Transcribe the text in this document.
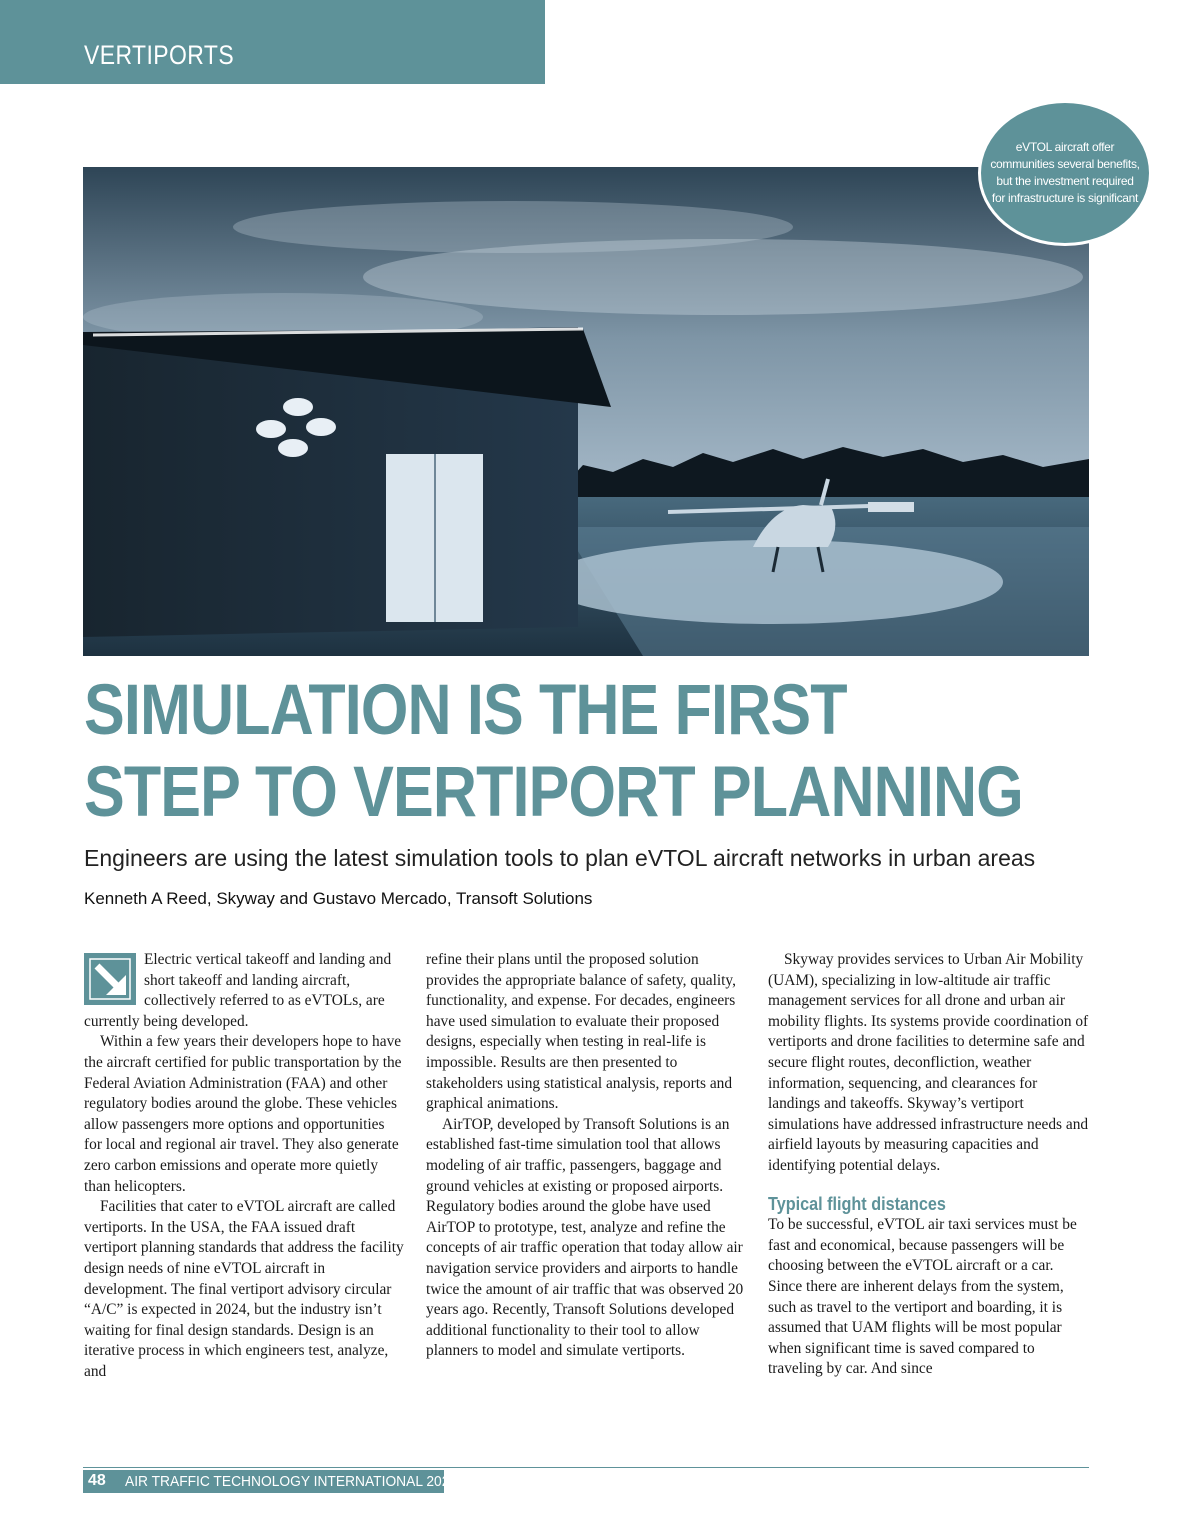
VERTIPORTS

eVTOL aircraft offer communities several benefits, but the investment required for infrastructure is significant

SIMULATION IS THE FIRST
STEP TO VERTIPORT PLANNING

Engineers are using the latest simulation tools to plan eVTOL aircraft networks in urban areas

Kenneth A Reed, Skyway and Gustavo Mercado, Transoft Solutions

Electric vertical takeoff and landing and short takeoff and landing aircraft, collectively referred to as eVTOLs, are currently being developed.

Within a few years their developers hope to have the aircraft certified for public transportation by the Federal Aviation Administration (FAA) and other regulatory bodies around the globe. These vehicles allow passengers more options and opportunities for local and regional air travel. They also generate zero carbon emissions and operate more quietly than helicopters.

Facilities that cater to eVTOL aircraft are called vertiports. In the USA, the FAA issued draft vertiport planning standards that address the facility design needs of nine eVTOL aircraft in development. The final vertiport advisory circular “A/C” is expected in 2024, but the industry isn’t waiting for final design standards. Design is an iterative process in which engineers test, analyze, and

refine their plans until the proposed solution provides the appropriate balance of safety, quality, functionality, and expense. For decades, engineers have used simulation to evaluate their proposed designs, especially when testing in real-life is impossible. Results are then presented to stakeholders using statistical analysis, reports and graphical animations.

AirTOP, developed by Transoft Solutions is an established fast-time simulation tool that allows modeling of air traffic, passengers, baggage and ground vehicles at existing or proposed airports. Regulatory bodies around the globe have used AirTOP to prototype, test, analyze and refine the concepts of air traffic operation that today allow air navigation service providers and airports to handle twice the amount of air traffic that was observed 20 years ago. Recently, Transoft Solutions developed additional functionality to their tool to allow planners to model and simulate vertiports.

Skyway provides services to Urban Air Mobility (UAM), specializing in low-altitude air traffic management services for all drone and urban air mobility flights. Its systems provide coordination of vertiports and drone facilities to determine safe and secure flight routes, deconfliction, weather information, sequencing, and clearances for landings and takeoffs. Skyway’s vertiport simulations have addressed infrastructure needs and airfield layouts by measuring capacities and identifying potential delays.

Typical flight distances

To be successful, eVTOL air taxi services must be fast and economical, because passengers will be choosing between the eVTOL aircraft or a car. Since there are inherent delays from the system, such as travel to the vertiport and boarding, it is assumed that UAM flights will be most popular when significant time is saved compared to traveling by car. And since

48 AIR TRAFFIC TECHNOLOGY INTERNATIONAL 2023
